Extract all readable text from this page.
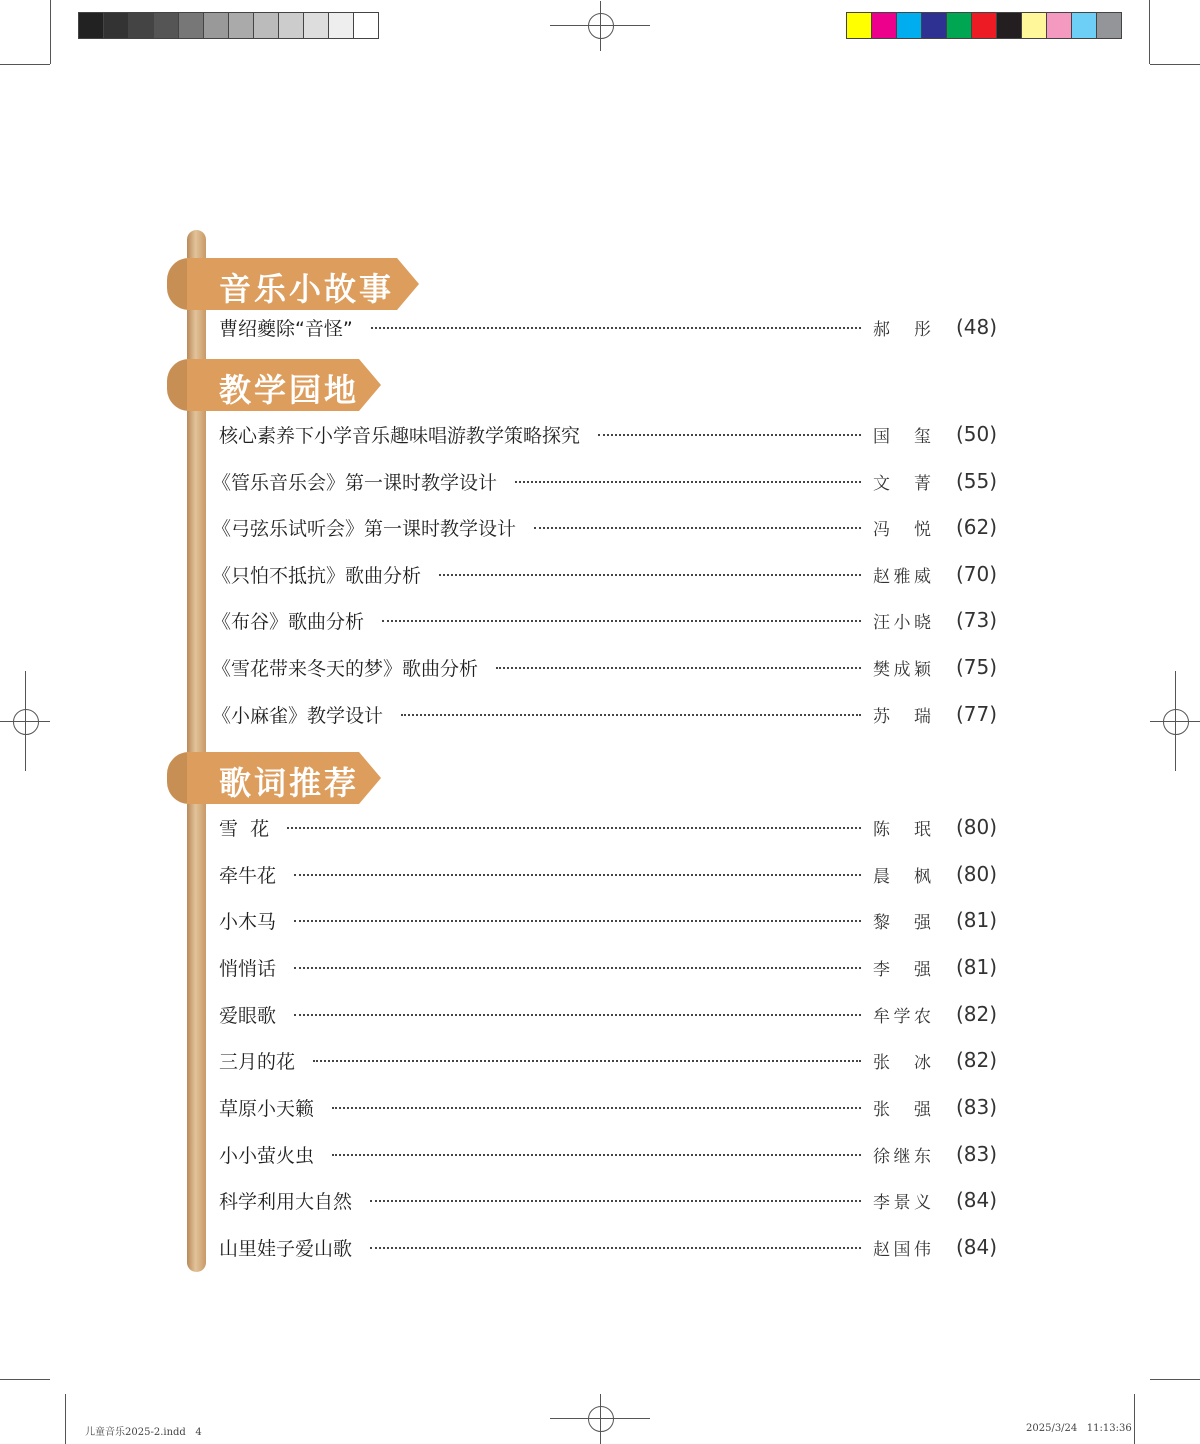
音乐小故事
曹绍夔除“音怪”	郝彤	(48)
教学园地
核心素养下小学音乐趣味唱游教学策略探究	国玺	(50)
《管乐音乐会》第一课时教学设计	文菁	(55)
《弓弦乐试听会》第一课时教学设计	冯悦	(62)
《只怕不抵抗》歌曲分析	赵雅威	(70)
《布谷》歌曲分析	汪小晓	(73)
《雪花带来冬天的梦》歌曲分析	樊成颖	(75)
《小麻雀》教学设计	苏瑞	(77)
歌词推荐
雪  花	陈珉	(80)
牵牛花	晨枫	(80)
小木马	黎强	(81)
悄悄话	李强	(81)
爱眼歌	牟学农	(82)
三月的花	张冰	(82)
草原小天籁	张强	(83)
小小萤火虫	徐继东	(83)
科学利用大自然	李景义	(84)
山里娃子爱山歌	赵国伟	(84)
儿童音乐2025-2.indd   4	2025/3/24   11:13:36
